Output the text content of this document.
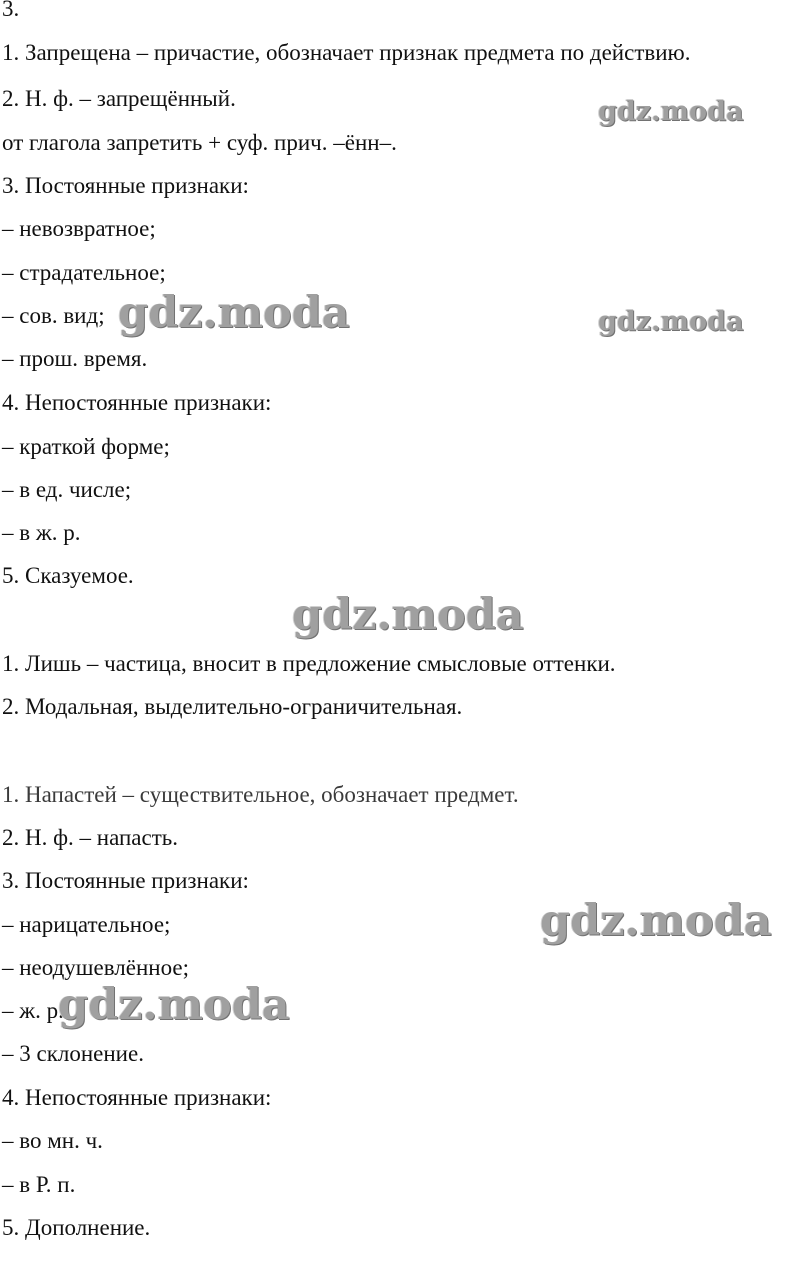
3.
1. Запрещена – причастие, обозначает признак предмета по действию.
2. Н. ф. – запрещённый.
от глагола запретить + суф. прич. –ённ–.
3. Постоянные признаки:
– невозвратное;
– страдательное;
– сов. вид;
– прош. время.
4. Непостоянные признаки:
– краткой форме;
– в ед. числе;
– в ж. р.
5. Сказуемое.
1. Лишь – частица, вносит в предложение смысловые оттенки.
2. Модальная, выделительно-ограничительная.
1. Напастей – существительное, обозначает предмет.
2. Н. ф. – напасть.
3. Постоянные признаки:
– нарицательное;
– неодушевлённое;
– ж. р.
– 3 склонение.
4. Непостоянные признаки:
– во мн. ч.
– в Р. п.
5. Дополнение.
gdz.moda
gdz.moda	gdz.moda
gdz.moda
gdz.moda
gdz.moda
